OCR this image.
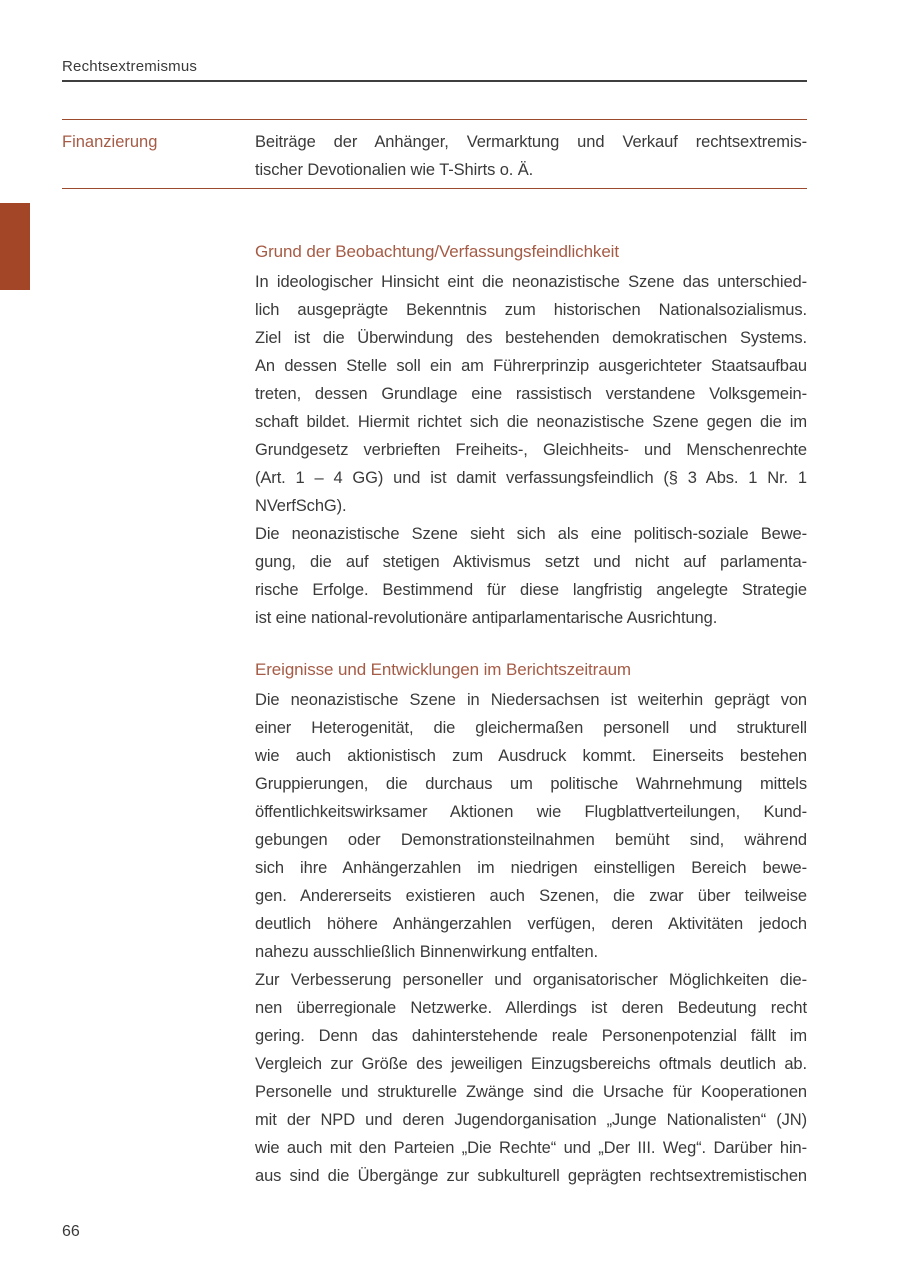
Rechtsextremismus
Finanzierung	Beiträge der Anhänger, Vermarktung und Verkauf rechtsextremis-
tischer Devotionalien wie T-Shirts o. Ä.
Grund der Beobachtung/Verfassungsfeindlichkeit
In ideologischer Hinsicht eint die neonazistische Szene das unterschied-
lich ausgeprägte Bekenntnis zum historischen Nationalsozialismus.
Ziel ist die Überwindung des bestehenden demokratischen Systems.
An dessen Stelle soll ein am Führerprinzip ausgerichteter Staatsaufbau
treten, dessen Grundlage eine rassistisch verstandene Volksgemein-
schaft bildet. Hiermit richtet sich die neonazistische Szene gegen die im
Grundgesetz verbrieften Freiheits-, Gleichheits- und Menschenrechte
(Art. 1 – 4 GG) und ist damit verfassungsfeindlich (§ 3 Abs. 1 Nr. 1
NVerfSchG).
Die neonazistische Szene sieht sich als eine politisch-soziale Bewe-
gung, die auf stetigen Aktivismus setzt und nicht auf parlamenta-
rische Erfolge. Bestimmend für diese langfristig angelegte Strategie
ist eine national-revolutionäre antiparlamentarische Ausrichtung.
Ereignisse und Entwicklungen im Berichtszeitraum
Die neonazistische Szene in Niedersachsen ist weiterhin geprägt von
einer Heterogenität, die gleichermaßen personell und strukturell
wie auch aktionistisch zum Ausdruck kommt. Einerseits bestehen
Gruppierungen, die durchaus um politische Wahrnehmung mittels
öffentlichkeitswirksamer Aktionen wie Flugblattverteilungen, Kund-
gebungen oder Demonstrationsteilnahmen bemüht sind, während
sich ihre Anhängerzahlen im niedrigen einstelligen Bereich bewe-
gen. Andererseits existieren auch Szenen, die zwar über teilweise
deutlich höhere Anhängerzahlen verfügen, deren Aktivitäten jedoch
nahezu ausschließlich Binnenwirkung entfalten.
Zur Verbesserung personeller und organisatorischer Möglichkeiten die-
nen überregionale Netzwerke. Allerdings ist deren Bedeutung recht
gering. Denn das dahinterstehende reale Personenpotenzial fällt im
Vergleich zur Größe des jeweiligen Einzugsbereichs oftmals deutlich ab.
Personelle und strukturelle Zwänge sind die Ursache für Kooperationen
mit der NPD und deren Jugendorganisation „Junge Nationalisten“ (JN)
wie auch mit den Parteien „Die Rechte“ und „Der III. Weg“. Darüber hin-
aus sind die Übergänge zur subkulturell geprägten rechtsextremistischen
66
